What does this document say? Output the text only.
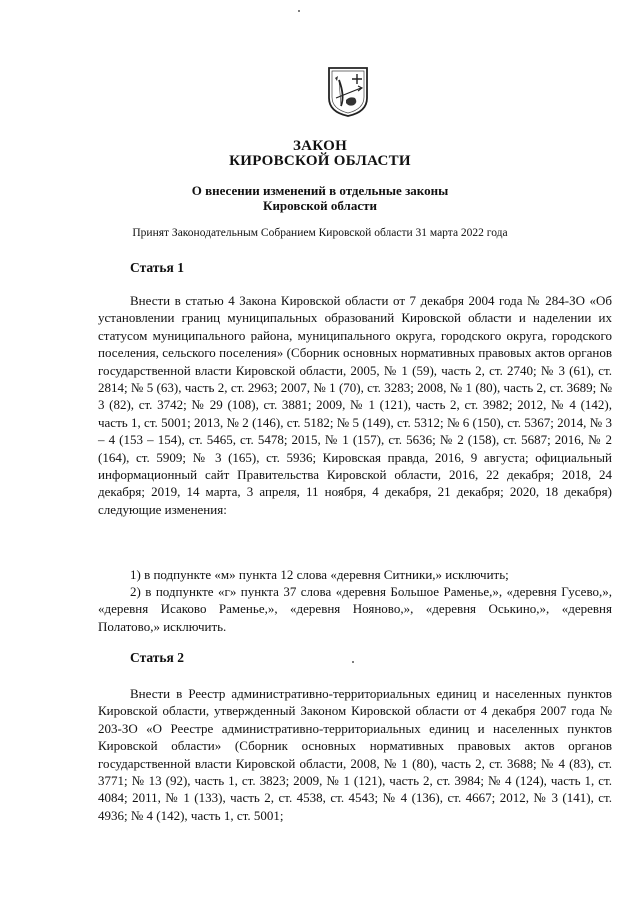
ЗАКОН
КИРОВСКОЙ ОБЛАСТИ
О внесении изменений в отдельные законы
Кировской области
Принят Законодательным Собранием Кировской области 31 марта 2022 года
Статья 1

Внести в статью 4 Закона Кировской области от 7 декабря 2004 года № 284-ЗО «Об установлении границ муниципальных образований Кировской области и наделении их статусом муниципального района, муниципального округа, городского округа, городского поселения, сельского поселения» (Сборник основных нормативных правовых актов органов государственной власти Кировской области, 2005, № 1 (59), часть 2, ст. 2740; № 3 (61), ст. 2814; № 5 (63), часть 2, ст. 2963; 2007, № 1 (70), ст. 3283; 2008, № 1 (80), часть 2, ст. 3689; № 3 (82), ст. 3742; № 29 (108), ст. 3881; 2009, № 1 (121), часть 2, ст. 3982; 2012, № 4 (142), часть 1, ст. 5001; 2013, № 2 (146), ст. 5182; № 5 (149), ст. 5312; № 6 (150), ст. 5367; 2014, № 3 – 4 (153 – 154), ст. 5465, ст. 5478; 2015, № 1 (157), ст. 5636; № 2 (158), ст. 5687; 2016, № 2 (164), ст. 5909; № 3 (165), ст. 5936; Кировская правда, 2016, 9 августа; официальный информационный сайт Правительства Кировской области, 2016, 22 декабря; 2018, 24 декабря; 2019, 14 марта, 3 апреля, 11 ноября, 4 декабря, 21 декабря; 2020, 18 декабря) следующие изменения:

1) в подпункте «м» пункта 12 слова «деревня Ситники,» исключить;

2) в подпункте «г» пункта 37 слова «деревня Большое Раменье,», «деревня Гусево,», «деревня Исаково Раменье,», «деревня Нояново,», «деревня Оськино,», «деревня Полатово,» исключить.

Статья 2

Внести в Реестр административно-территориальных единиц и населенных пунктов Кировской области, утвержденный Законом Кировской области от 4 декабря 2007 года № 203-ЗО «О Реестре административно-территориальных единиц и населенных пунктов Кировской области» (Сборник основных нормативных правовых актов органов государственной власти Кировской области, 2008, № 1 (80), часть 2, ст. 3688; № 4 (83), ст. 3771; № 13 (92), часть 1, ст. 3823; 2009, № 1 (121), часть 2, ст. 3984; № 4 (124), часть 1, ст. 4084; 2011, № 1 (133), часть 2, ст. 4538, ст. 4543; № 4 (136), ст. 4667; 2012, № 3 (141), ст. 4936; № 4 (142), часть 1, ст. 5001;
